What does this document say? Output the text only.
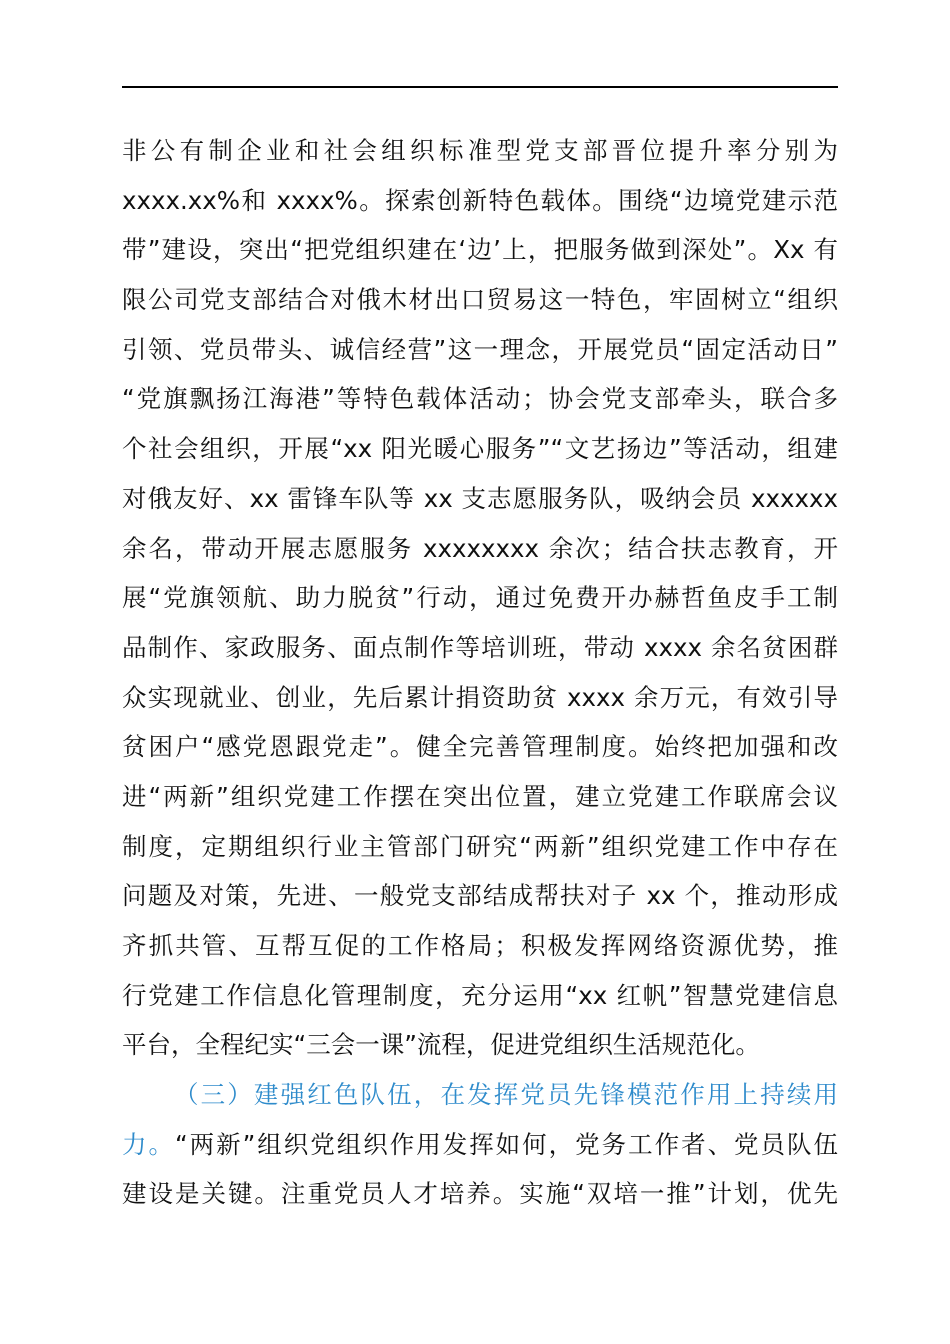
非公有制企业和社会组织标准型党支部晋位提升率分别为
xxxx.xx%和 xxxx%。探索创新特色载体。围绕“边境党建示范
带”建设，突出“把党组织建在‘边’上，把服务做到深处”。Xx 有
限公司党支部结合对俄木材出口贸易这一特色，牢固树立“组织
引领、党员带头、诚信经营”这一理念，开展党员“固定活动日”
“党旗飘扬江海港”等特色载体活动；协会党支部牵头，联合多
个社会组织，开展“xx 阳光暖心服务”“文艺扬边”等活动，组建
对俄友好、xx 雷锋车队等 xx 支志愿服务队，吸纳会员 xxxxxx
余名，带动开展志愿服务 xxxxxxxx 余次；结合扶志教育，开
展“党旗领航、助力脱贫”行动，通过免费开办赫哲鱼皮手工制
品制作、家政服务、面点制作等培训班，带动 xxxx 余名贫困群
众实现就业、创业，先后累计捐资助贫 xxxx 余万元，有效引导
贫困户“感党恩跟党走”。健全完善管理制度。始终把加强和改
进“两新”组织党建工作摆在突出位置，建立党建工作联席会议
制度，定期组织行业主管部门研究“两新”组织党建工作中存在
问题及对策，先进、一般党支部结成帮扶对子 xx 个，推动形成
齐抓共管、互帮互促的工作格局；积极发挥网络资源优势，推
行党建工作信息化管理制度，充分运用“xx 红帆”智慧党建信息
平台，全程纪实“三会一课”流程，促进党组织生活规范化。
（三）建强红色队伍，在发挥党员先锋模范作用上持续用
力。“两新”组织党组织作用发挥如何，党务工作者、党员队伍
建设是关键。注重党员人才培养。实施“双培一推”计划，优先
